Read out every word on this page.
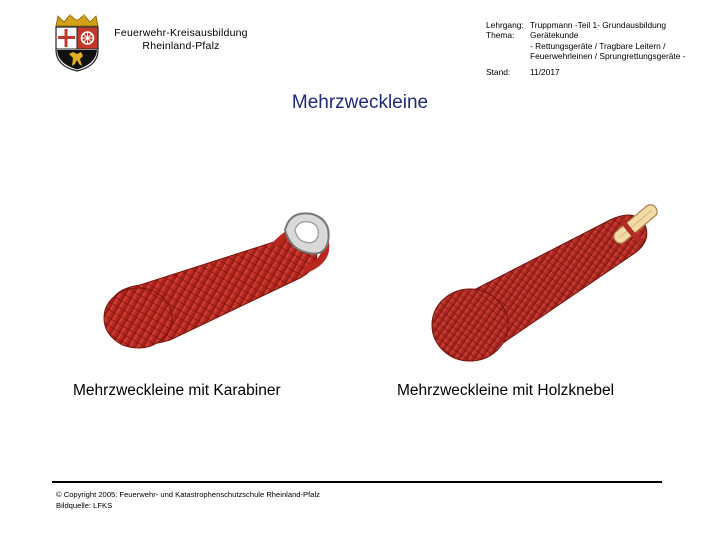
Feuerwehr-Kreisausbildung
Rheinland-Pfalz
Lehrgang: Truppmann -Teil 1- Grundausbildung
Thema:	Gerätekunde
- Rettungsgeräte / Tragbare Leitern /
Feuerwehrleinen / Sprungrettungsgeräte -
Stand:	11/2017
Mehrzweckleine
Mehrzweckleine mit Karabiner	Mehrzweckleine mit Holzknebel
© Copyright 2005: Feuerwehr- und Katastrophenschutzschule Rheinland-Pfalz
Bildquelle: LFKS
